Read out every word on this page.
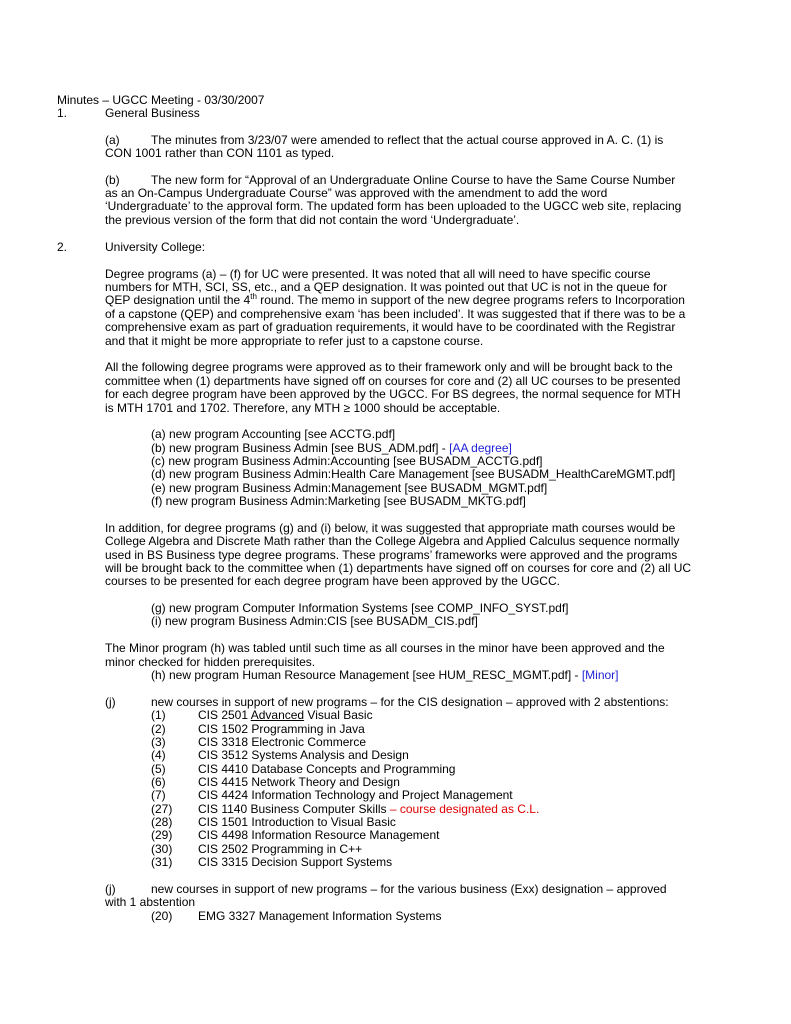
Minutes – UGCC Meeting - 03/30/2007
1.	General Business
(a)	The minutes from 3/23/07 were amended to reflect that the actual course approved in A. C. (1) is
CON 1001 rather than CON 1101 as typed.
(b)	The new form for “Approval of an Undergraduate Online Course to have the Same Course Number
as an On-Campus Undergraduate Course” was approved with the amendment to add the word
‘Undergraduate’ to the approval form. The updated form has been uploaded to the UGCC web site, replacing
the previous version of the form that did not contain the word ‘Undergraduate’.
2.	University College:
Degree programs (a) – (f) for UC were presented. It was noted that all will need to have specific course
numbers for MTH, SCI, SS, etc., and a QEP designation. It was pointed out that UC is not in the queue for
QEP designation until the 4th round. The memo in support of the new degree programs refers to Incorporation
of a capstone (QEP) and comprehensive exam ‘has been included’. It was suggested that if there was to be a
comprehensive exam as part of graduation requirements, it would have to be coordinated with the Registrar
and that it might be more appropriate to refer just to a capstone course.
All the following degree programs were approved as to their framework only and will be brought back to the
committee when (1) departments have signed off on courses for core and (2) all UC courses to be presented
for each degree program have been approved by the UGCC. For BS degrees, the normal sequence for MTH
is MTH 1701 and 1702. Therefore, any MTH ≥ 1000 should be acceptable.
(a) new program Accounting [see ACCTG.pdf]
(b) new program Business Admin [see BUS_ADM.pdf] - [AA degree]
(c) new program Business Admin:Accounting [see BUSADM_ACCTG.pdf]
(d) new program Business Admin:Health Care Management [see BUSADM_HealthCareMGMT.pdf]
(e) new program Business Admin:Management [see BUSADM_MGMT.pdf]
(f) new program Business Admin:Marketing [see BUSADM_MKTG.pdf]
In addition, for degree programs (g) and (i) below, it was suggested that appropriate math courses would be
College Algebra and Discrete Math rather than the College Algebra and Applied Calculus sequence normally
used in BS Business type degree programs. These programs’ frameworks were approved and the programs
will be brought back to the committee when (1) departments have signed off on courses for core and (2) all UC
courses to be presented for each degree program have been approved by the UGCC.
(g) new program Computer Information Systems [see COMP_INFO_SYST.pdf]
(i) new program Business Admin:CIS [see BUSADM_CIS.pdf]
The Minor program (h) was tabled until such time as all courses in the minor have been approved and the
minor checked for hidden prerequisites.
(h) new program Human Resource Management [see HUM_RESC_MGMT.pdf] - [Minor]
(j)	new courses in support of new programs – for the CIS designation – approved with 2 abstentions:
(1)	CIS 2501 Advanced Visual Basic
(2)	CIS 1502 Programming in Java
(3)	CIS 3318 Electronic Commerce
(4)	CIS 3512 Systems Analysis and Design
(5)	CIS 4410 Database Concepts and Programming
(6)	CIS 4415 Network Theory and Design
(7)	CIS 4424 Information Technology and Project Management
(27) CIS 1140 Business Computer Skills – course designated as C.L.
(28) CIS 1501 Introduction to Visual Basic
(29) CIS 4498 Information Resource Management
(30) CIS 2502 Programming in C++
(31) CIS 3315 Decision Support Systems
(j)	new courses in support of new programs – for the various business (Exx) designation – approved
with 1 abstention
(20) EMG 3327 Management Information Systems
